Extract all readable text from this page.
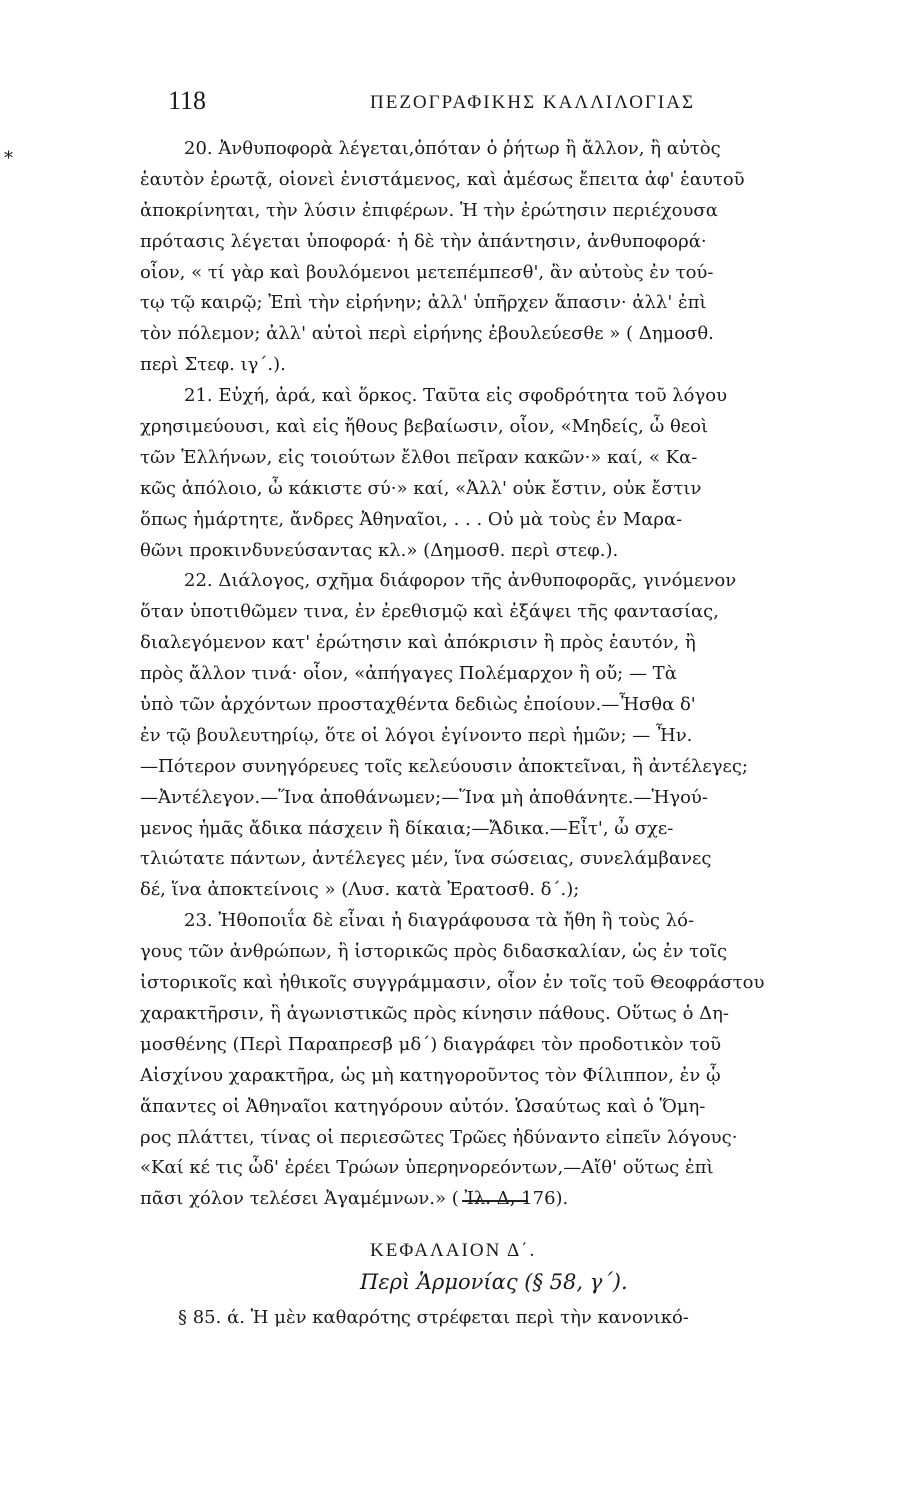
118	ΠΕΖΟΓΡΑΦΙΚΗΣ ΚΑΛΛΙΛΟΓΙΑΣ
*	20. Ἀνθυποφορὰ λέγεται,ὁπόταν ὁ ῥήτωρ ἢ ἄλλον, ἢ αὐτὸς
ἑαυτὸν ἐρωτᾷ, οἱονεὶ ἐνιστάμενος, καὶ ἀμέσως ἔπειτα ἀφ' ἑαυτοῦ
ἀποκρίνηται, τὴν λύσιν ἐπιφέρων. Ἡ τὴν ἐρώτησιν περιέχουσα
πρότασις λέγεται ὑποφορά· ἡ δὲ τὴν ἀπάντησιν, ἀνθυποφορά·
οἷον, « τί γὰρ καὶ βουλόμενοι μετεπέμπεσθ', ἂν αὐτοὺς ἐν τού-
τῳ τῷ καιρῷ; Ἐπὶ τὴν εἰρήνην; ἀλλ' ὑπῆρχεν ἅπασιν· ἀλλ' ἐπὶ
τὸν πόλεμον; ἀλλ' αὐτοὶ περὶ εἰρήνης ἐβουλεύεσθε » ( Δημοσθ.
περὶ Στεφ. ιγ΄.).
21. Εὐχή, ἀρά, καὶ ὅρκος. Ταῦτα εἰς σφοδρότητα τοῦ λόγου
χρησιμεύουσι, καὶ εἰς ἤθους βεβαίωσιν, οἷον, «Μηδείς, ὦ θεοὶ
τῶν Ἑλλήνων, εἰς τοιούτων ἔλθοι πεῖραν κακῶν·» καί, « Κα-
κῶς ἀπόλοιο, ὦ κάκιστε σύ·» καί, «Ἀλλ' οὐκ ἔστιν, οὐκ ἔστιν
ὅπως ἡμάρτητε, ἄνδρες Ἀθηναῖοι, . . . Οὐ μὰ τοὺς ἐν Μαρα-
θῶνι προκινδυνεύσαντας κλ.» (Δημοσθ. περὶ στεφ.).
22. Διάλογος, σχῆμα διάφορον τῆς ἀνθυποφορᾶς, γινόμενον
ὅταν ὑποτιθῶμεν τινα, ἐν ἐρεθισμῷ καὶ ἐξάψει τῆς φαντασίας,
διαλεγόμενον κατ' ἐρώτησιν καὶ ἀπόκρισιν ἢ πρὸς ἑαυτόν, ἢ
πρὸς ἄλλον τινά· οἷον, «ἀπήγαγες Πολέμαρχον ἢ οὔ; — Τὰ
ὑπὸ τῶν ἀρχόντων προσταχθέντα δεδιὼς ἐποίουν.—Ἦσθα δ'
ἐν τῷ βουλευτηρίῳ, ὅτε οἱ λόγοι ἐγίνοντο περὶ ἡμῶν; — Ἦν.
—Πότερον συνηγόρευες τοῖς κελεύουσιν ἀποκτεῖναι, ἢ ἀντέλεγες;
—Ἀντέλεγον.—Ἵνα ἀποθάνωμεν;—Ἵνα μὴ ἀποθάνητε.—Ἡγού-
μενος ἡμᾶς ἄδικα πάσχειν ἢ δίκαια;—Ἄδικα.—Εἶτ', ὦ σχε-
τλιώτατε πάντων, ἀντέλεγες μέν, ἵνα σώσειας, συνελάμβανες
δέ, ἵνα ἀποκτείνοις » (Λυσ. κατὰ Ἐρατοσθ. δ΄.);
23. Ἠθοποιΐα δὲ εἶναι ἡ διαγράφουσα τὰ ἤθη ἢ τοὺς λό-
γους τῶν ἀνθρώπων, ἢ ἱστορικῶς πρὸς διδασκαλίαν, ὡς ἐν τοῖς
ἱστορικοῖς καὶ ἠθικοῖς συγγράμμασιν, οἷον ἐν τοῖς τοῦ Θεοφράστου
χαρακτῆρσιν, ἢ ἀγωνιστικῶς πρὸς κίνησιν πάθους. Οὕτως ὁ Δη-
μοσθένης (Περὶ Παραπρεσβ μδ΄) διαγράφει τὸν προδοτικὸν τοῦ
Αἰσχίνου χαρακτῆρα, ὡς μὴ κατηγοροῦντος τὸν Φίλιππον, ἐν ᾧ
ἅπαντες οἱ Ἀθηναῖοι κατηγόρουν αὐτόν. Ὡσαύτως καὶ ὁ Ὅμη-
ρος πλάττει, τίνας οἱ περιεσῶτες Τρῶες ἠδύναντο εἰπεῖν λόγους·
«Καί κέ τις ὧδ' ἐρέει Τρώων ὑπερηνορεόντων,—Αἴθ' οὕτως ἐπὶ
πᾶσι χόλον τελέσει Ἀγαμέμνων.» ( Ἰλ. Δ, 176).
ΚΕΦΑΛΑΙΟΝ Δ΄.
Περὶ Ἁρμονίας (§ 58, γ΄).
§ 85. ά. Ἡ μὲν καθαρότης στρέφεται περὶ τὴν κανονικό-
